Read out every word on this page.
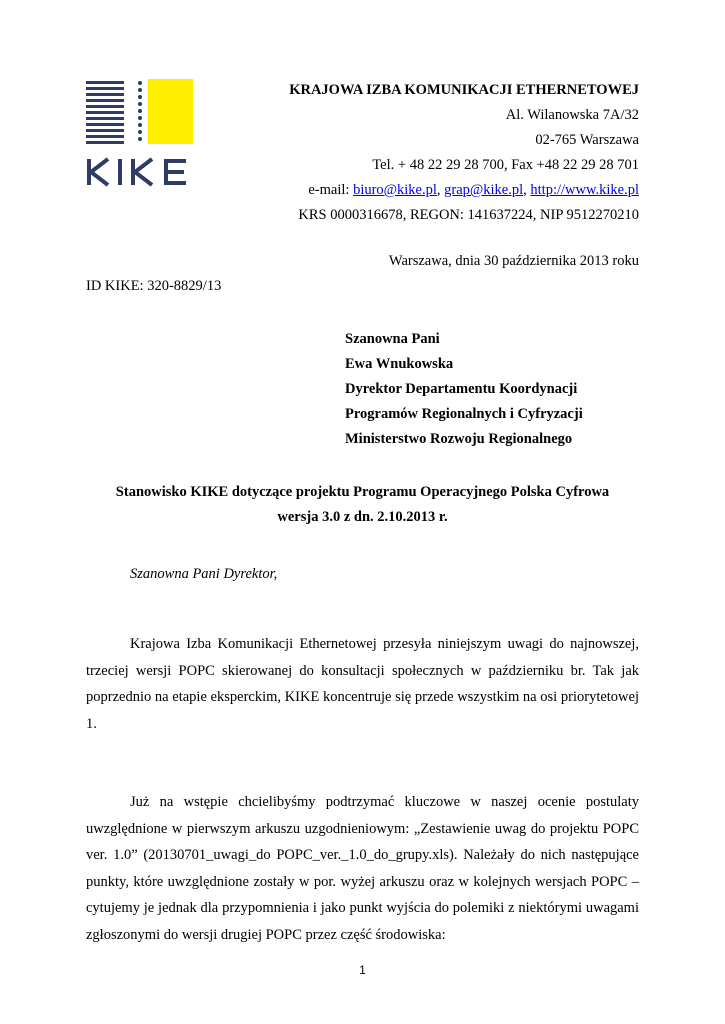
KRAJOWA IZBA KOMUNIKACJI ETHERNETOWEJ
Al. Wilanowska 7A/32
02-765 Warszawa
Tel. + 48 22 29 28 700, Fax +48 22 29 28 701
e-mail: biuro@kike.pl, grap@kike.pl, http://www.kike.pl
KRS 0000316678, REGON: 141637224, NIP 9512270210
Warszawa, dnia 30 października 2013 roku
ID KIKE: 320-8829/13
Szanowna Pani
Ewa Wnukowska
Dyrektor Departamentu Koordynacji
Programów Regionalnych i Cyfryzacji
Ministerstwo Rozwoju Regionalnego
Stanowisko KIKE dotyczące projektu Programu Operacyjnego Polska Cyfrowa
wersja 3.0 z dn. 2.10.2013 r.
Szanowna Pani Dyrektor,
Krajowa Izba Komunikacji Ethernetowej przesyła niniejszym uwagi do najnowszej, trzeciej wersji POPC skierowanej do konsultacji społecznych w październiku br. Tak jak poprzednio na etapie eksperckim, KIKE koncentruje się przede wszystkim na osi priorytetowej 1.
Już na wstępie chcielibyśmy podtrzymać kluczowe w naszej ocenie postulaty uwzględnione w pierwszym arkuszu uzgodnieniowym: „Zestawienie uwag do projektu POPC ver. 1.0” (20130701_uwagi_do POPC_ver._1.0_do_grupy.xls). Należały do nich następujące punkty, które uwzględnione zostały w por. wyżej arkuszu oraz w kolejnych wersjach POPC – cytujemy je jednak dla przypomnienia i jako punkt wyjścia do polemiki z niektórymi uwagami zgłoszonymi do wersji drugiej POPC przez część środowiska:
1
